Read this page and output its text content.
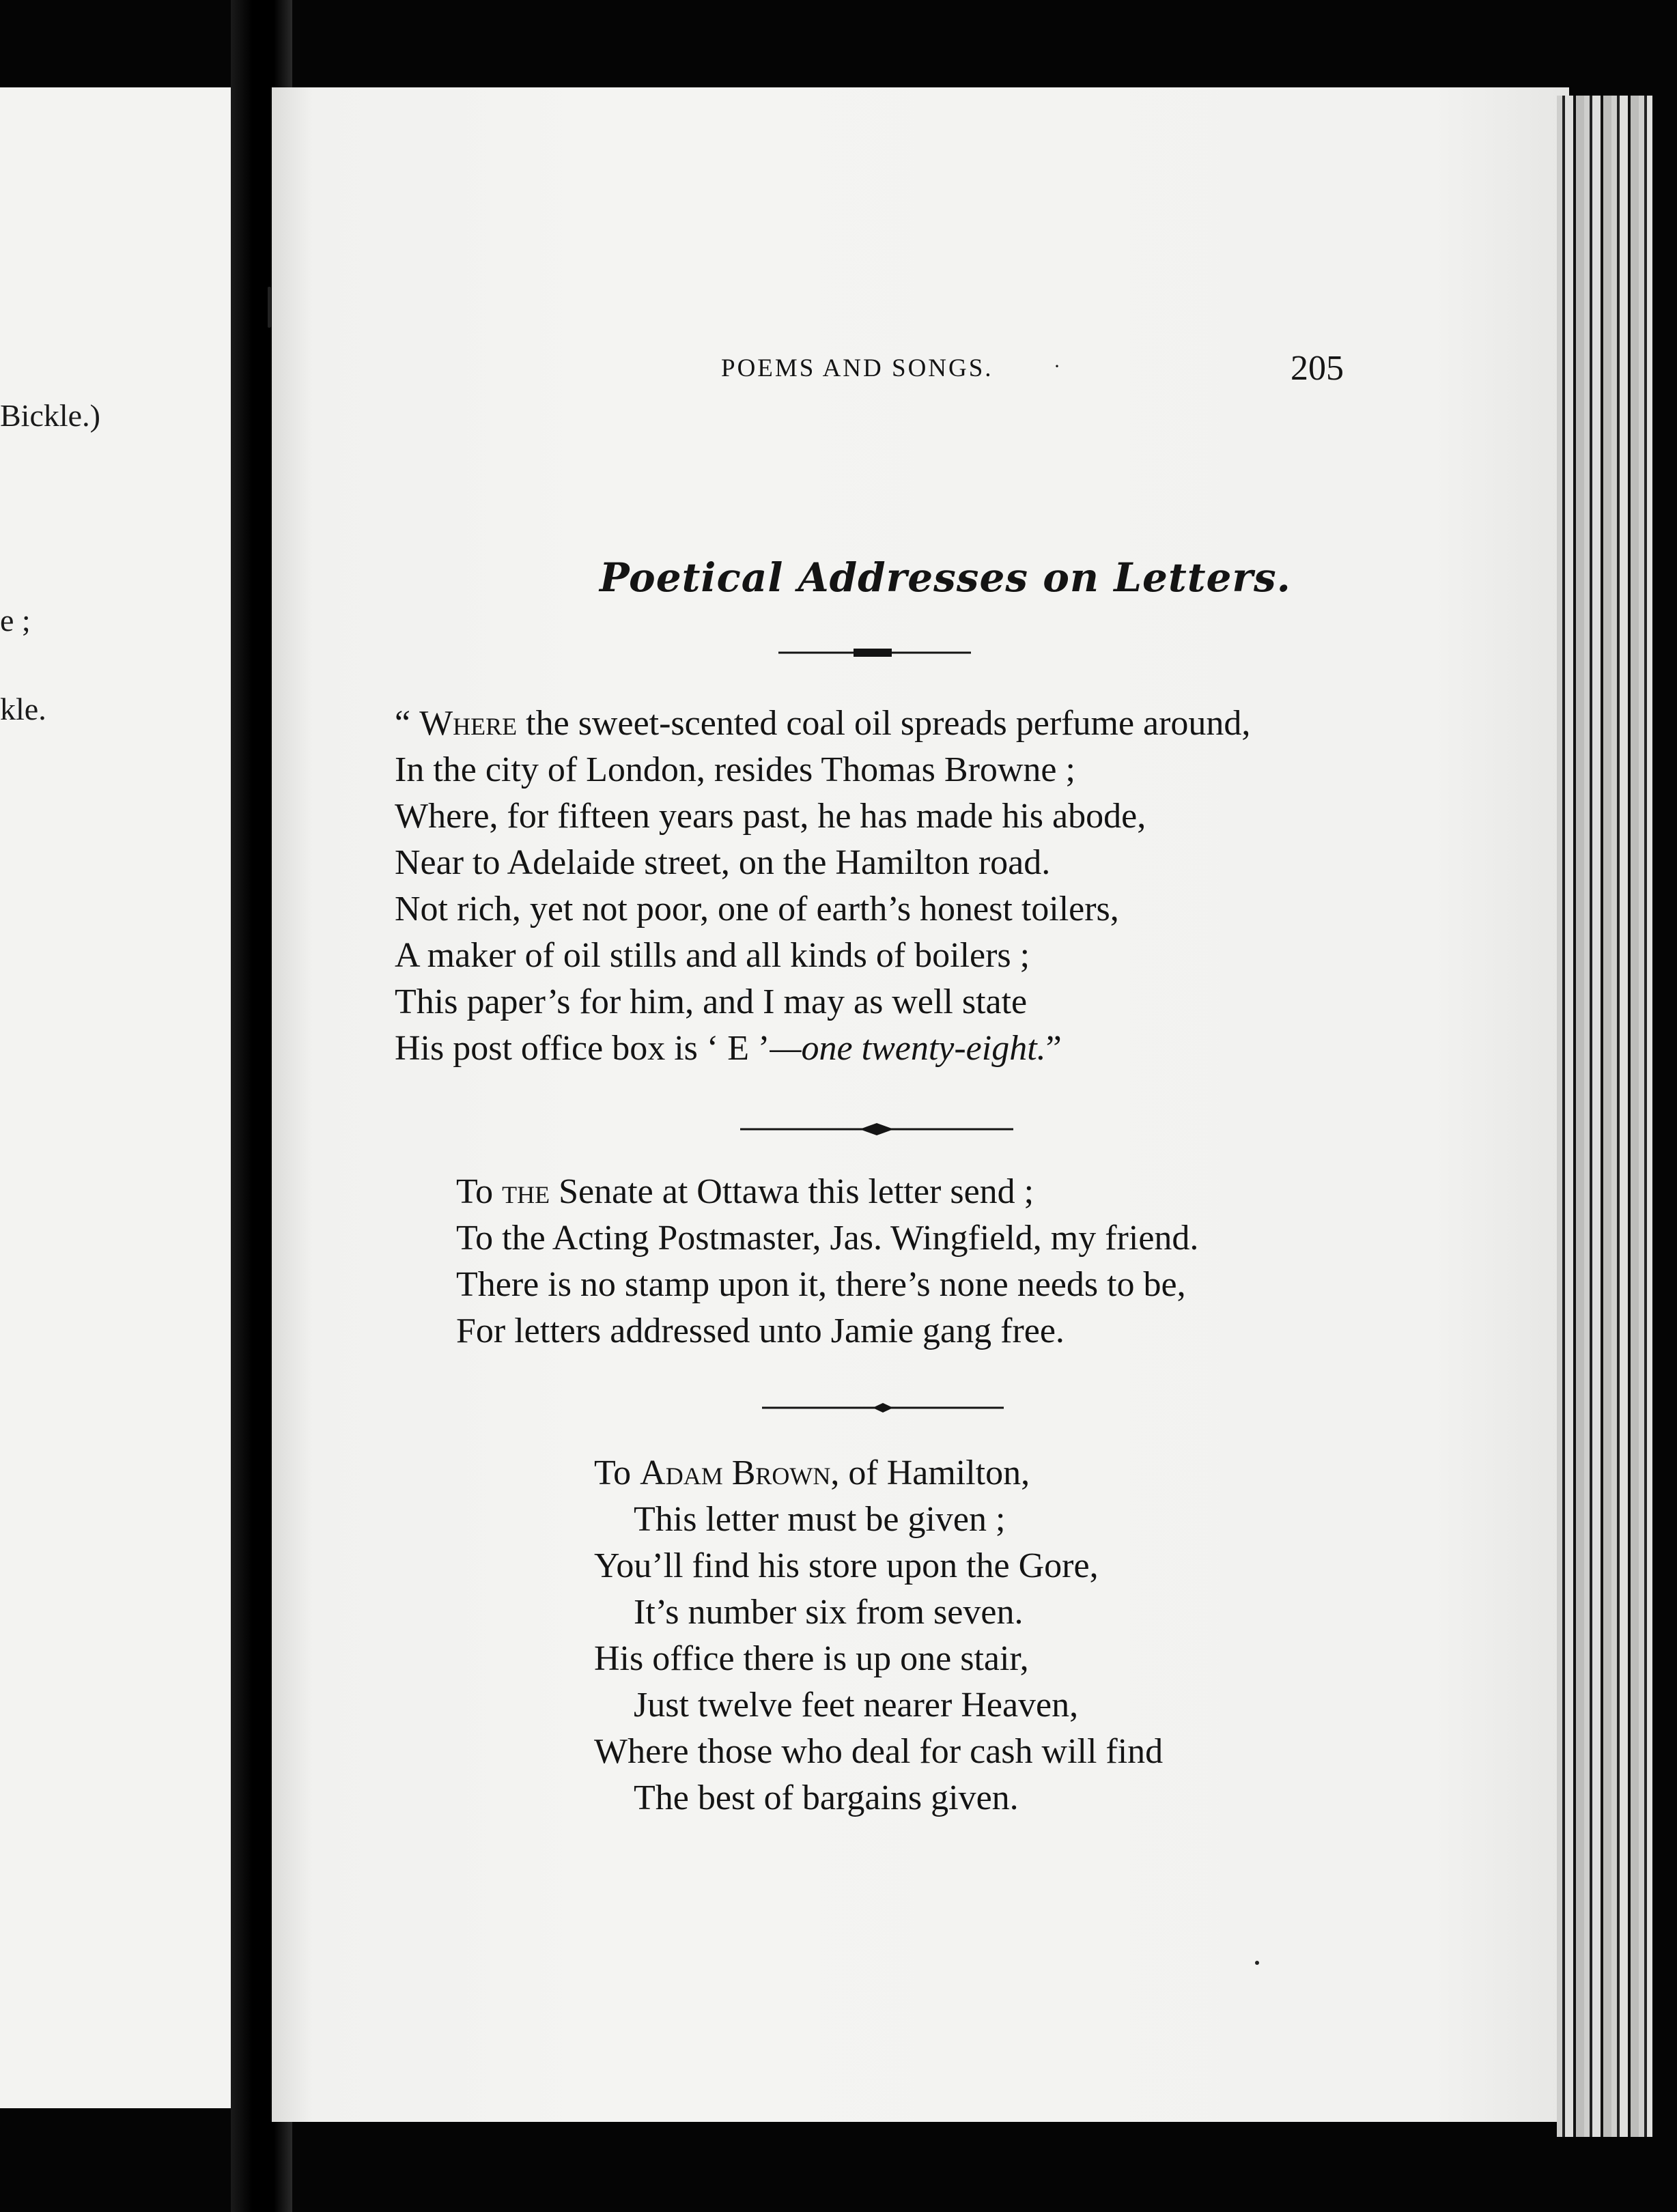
Bickle.)
e ;
kle.
POEMS AND SONGS.	·	205
Poetical Addresses on Letters.
“ Where the sweet-scented coal oil spreads perfume around,
In the city of London, resides Thomas Browne ;
Where, for fifteen years past, he has made his abode,
Near to Adelaide street, on the Hamilton road.
Not rich, yet not poor, one of earth’s honest toilers,
A maker of oil stills and all kinds of boilers ;
This paper’s for him, and I may as well state
His post office box is ‘ E ’—one twenty-eight.”
To the Senate at Ottawa this letter send ;
To the Acting Postmaster, Jas. Wingfield, my friend.
There is no stamp upon it, there’s none needs to be,
For letters addressed unto Jamie gang free.
To Adam Brown, of Hamilton,
This letter must be given ;
You’ll find his store upon the Gore,
It’s number six from seven.
His office there is up one stair,
Just twelve feet nearer Heaven,
Where those who deal for cash will find
The best of bargains given.
